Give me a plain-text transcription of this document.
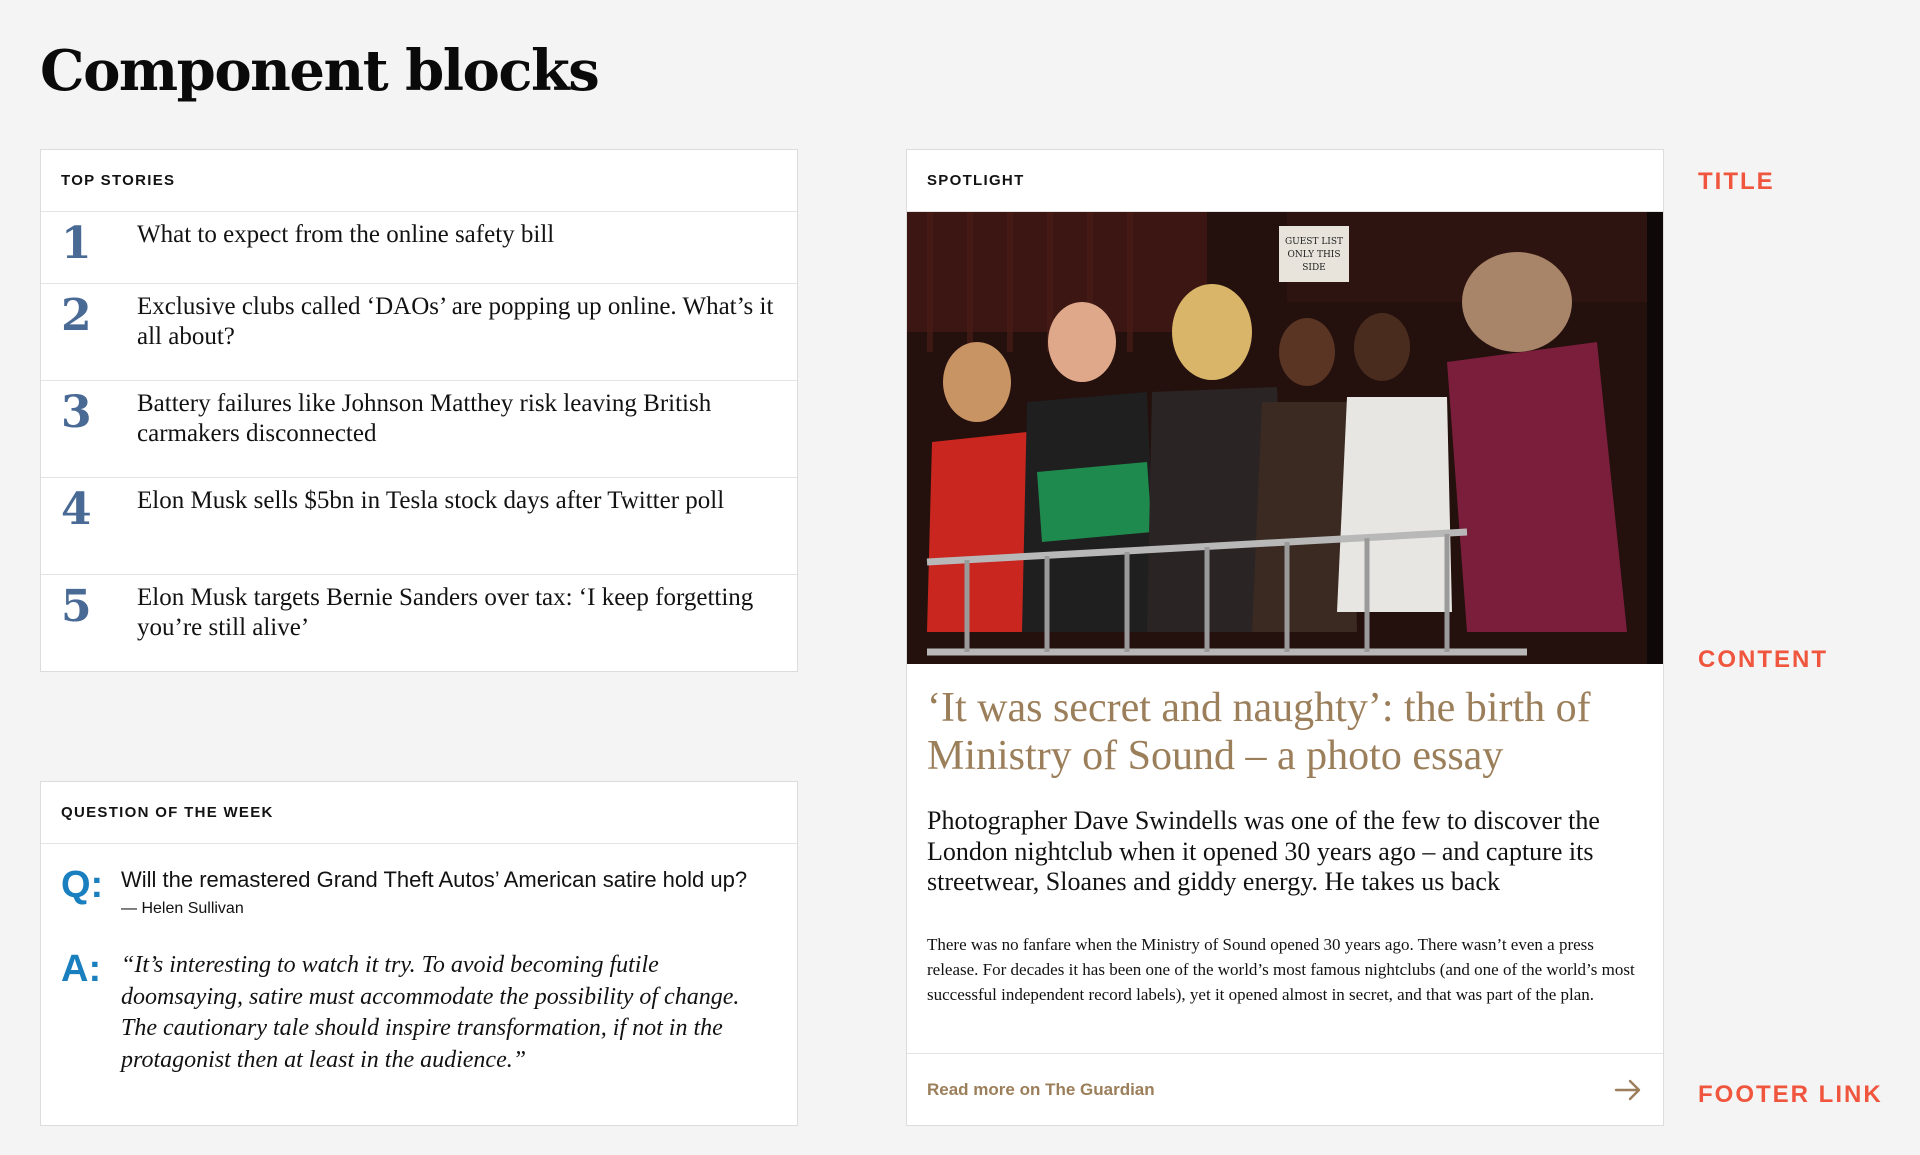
Component blocks
TOP STORIES
1	What to expect from the online safety bill
2	Exclusive clubs called ‘DAOs’ are popping up online. What’s it all about?
3	Battery failures like Johnson Matthey risk leaving British carmakers disconnected
4	Elon Musk sells $5bn in Tesla stock days after Twitter poll
5	Elon Musk targets Bernie Sanders over tax: ‘I keep forgetting you’re still alive’
QUESTION OF THE WEEK
Q: Will the remastered Grand Theft Autos’ American satire hold up?
— Helen Sullivan
A: “It’s interesting to watch it try. To avoid becoming futile doomsaying, satire must accommodate the possibility of change. The cautionary tale should inspire transformation, if not in the protagonist then at least in the audience.”
SPOTLIGHT
GUEST LIST
ONLY THIS
SIDE
‘It was secret and naughty’: the birth of Ministry of Sound – a photo essay
Photographer Dave Swindells was one of the few to discover the London nightclub when it opened 30 years ago – and capture its streetwear, Sloanes and giddy energy. He takes us back
There was no fanfare when the Ministry of Sound opened 30 years ago. There wasn’t even a press release. For decades it has been one of the world’s most famous nightclubs (and one of the world’s most successful independent record labels), yet it opened almost in secret, and that was part of the plan.
Read more on The Guardian
TITLE
CONTENT
FOOTER LINK
